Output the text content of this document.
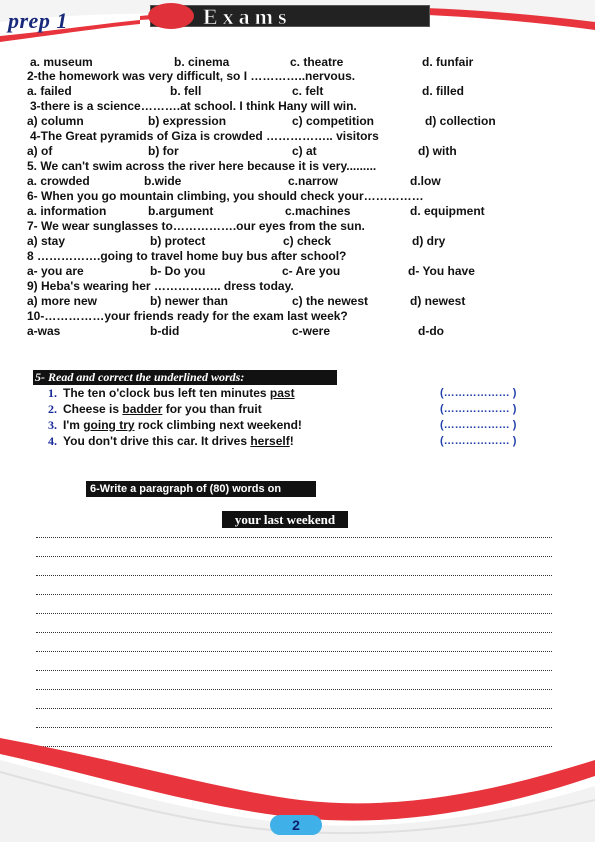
prep 1	Exams
a. museum	b. cinema	c. theatre	d. funfair
2-the homework was very difficult, so I …………..nervous.
a. failed	b. fell	c. felt	d. filled
3-there is a science……….at school. I think Hany will win.
a) column	b) expression	c) competition	d) collection
4-The Great pyramids of Giza is crowded …………….. visitors
a) of	b) for	c) at	d) with
5. We can't swim across the river here because it is very.........
a. crowded	b.wide	c.narrow	d.low
6- When you go mountain climbing, you should check your……………
a. information	b.argument	c.machines	d. equipment
7- We wear sunglasses to…………….our eyes from the sun.
a) stay	b) protect	c) check	d) dry
8 …………….going to travel home buy bus after school?
a- you are	b- Do you	c- Are you	d- You have
9) Heba's wearing her …………….. dress today.
a) more new	b) newer than	c) the newest	d) newest
10-……………your friends ready for the exam last week?
a-was	b-did	c-were	d-do
5- Read and correct the underlined words:
1. The ten o'clock bus left ten minutes past
2. Cheese is badder for you than fruit
3. I'm going try rock climbing next weekend!
4. You don't drive this car. It drives herself!
(……………… )
(……………… )
(……………… )
(……………… )
6-Write a paragraph of (80) words on
your last weekend
2
